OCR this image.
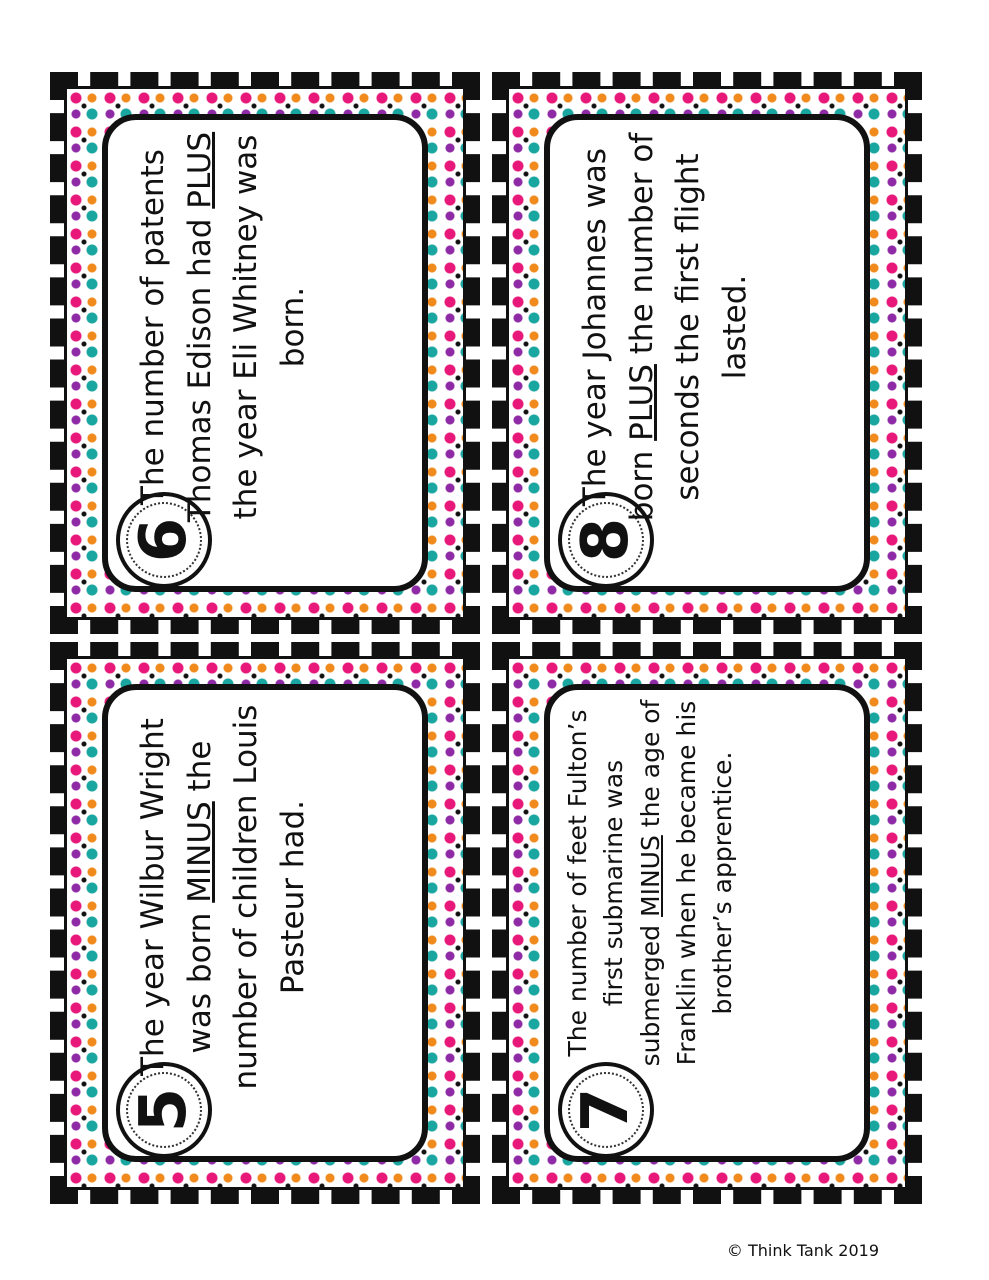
6
The number of patents Thomas Edison had PLUS the year Eli Whitney was born.
8
The year Johannes was born PLUS the number of seconds the first flight lasted.
5
The year Wilbur Wright was born MINUS the number of children Louis Pasteur had.
7
The number of feet Fulton’s first submarine was submerged MINUS the age of Franklin when he became his brother’s apprentice.
© Think Tank 2019
